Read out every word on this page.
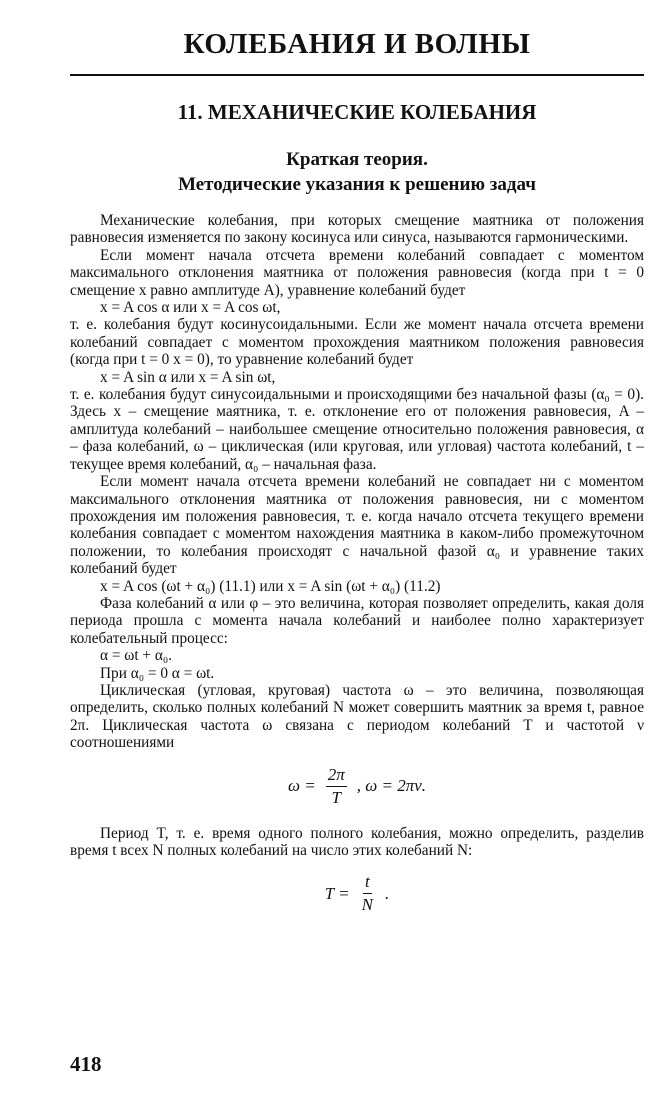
КОЛЕБАНИЯ И ВОЛНЫ
11. МЕХАНИЧЕСКИЕ КОЛЕБАНИЯ
Краткая теория.
Методические указания к решению задач

Механические колебания, при которых смещение маятника от положения равновесия изменяется по закону косинуса или синуса, называются гармоническими.

Если момент начала отсчета времени колебаний совпадает с моментом максимального отклонения маятника от положения равновесия (когда при t = 0 смещение x равно амплитуде A), уравнение колебаний будет

x = A cos α или x = A cos ωt,

т. е. колебания будут косинусоидальными. Если же момент начала отсчета времени колебаний совпадает с моментом прохождения маятником положения равновесия (когда при t = 0 x = 0), то уравнение колебаний будет

x = A sin α или x = A sin ωt,

т. е. колебания будут синусоидальными и происходящими без начальной фазы (α₀ = 0). Здесь x – смещение маятника, т. е. отклонение его от положения равновесия, A – амплитуда колебаний – наибольшее смещение относительно положения равновесия, α – фаза колебаний, ω – циклическая (или круговая, или угловая) частота колебаний, t – текущее время колебаний, α₀ – начальная фаза.

Если момент начала отсчета времени колебаний не совпадает ни с моментом максимального отклонения маятника от положения равновесия, ни с моментом прохождения им положения равновесия, т. е. когда начало отсчета текущего времени колебания совпадает с моментом нахождения маятника в каком-либо промежуточном положении, то колебания происходят с начальной фазой α₀ и уравнение таких колебаний будет

x = A cos (ωt + α₀) (11.1) или x = A sin (ωt + α₀) (11.2)

Фаза колебаний α или φ – это величина, которая позволяет определить, какая доля периода прошла с момента начала колебаний и наиболее полно характеризует колебательный процесс:

α = ωt + α₀.

При α₀ = 0 α = ωt.

Циклическая (угловая, круговая) частота ω – это величина, позволяющая определить, сколько полных колебаний N может совершить маятник за время t, равное 2π. Циклическая частота ω связана с периодом колебаний T и частотой ν соотношениями

$\omega = \frac{2\pi}{T}$ , ω = 2πν.

Период T, т. е. время одного полного колебания, можно определить, разделив время t всех N полных колебаний на число этих колебаний N:

$T = \frac{t}{N}$ .
418
